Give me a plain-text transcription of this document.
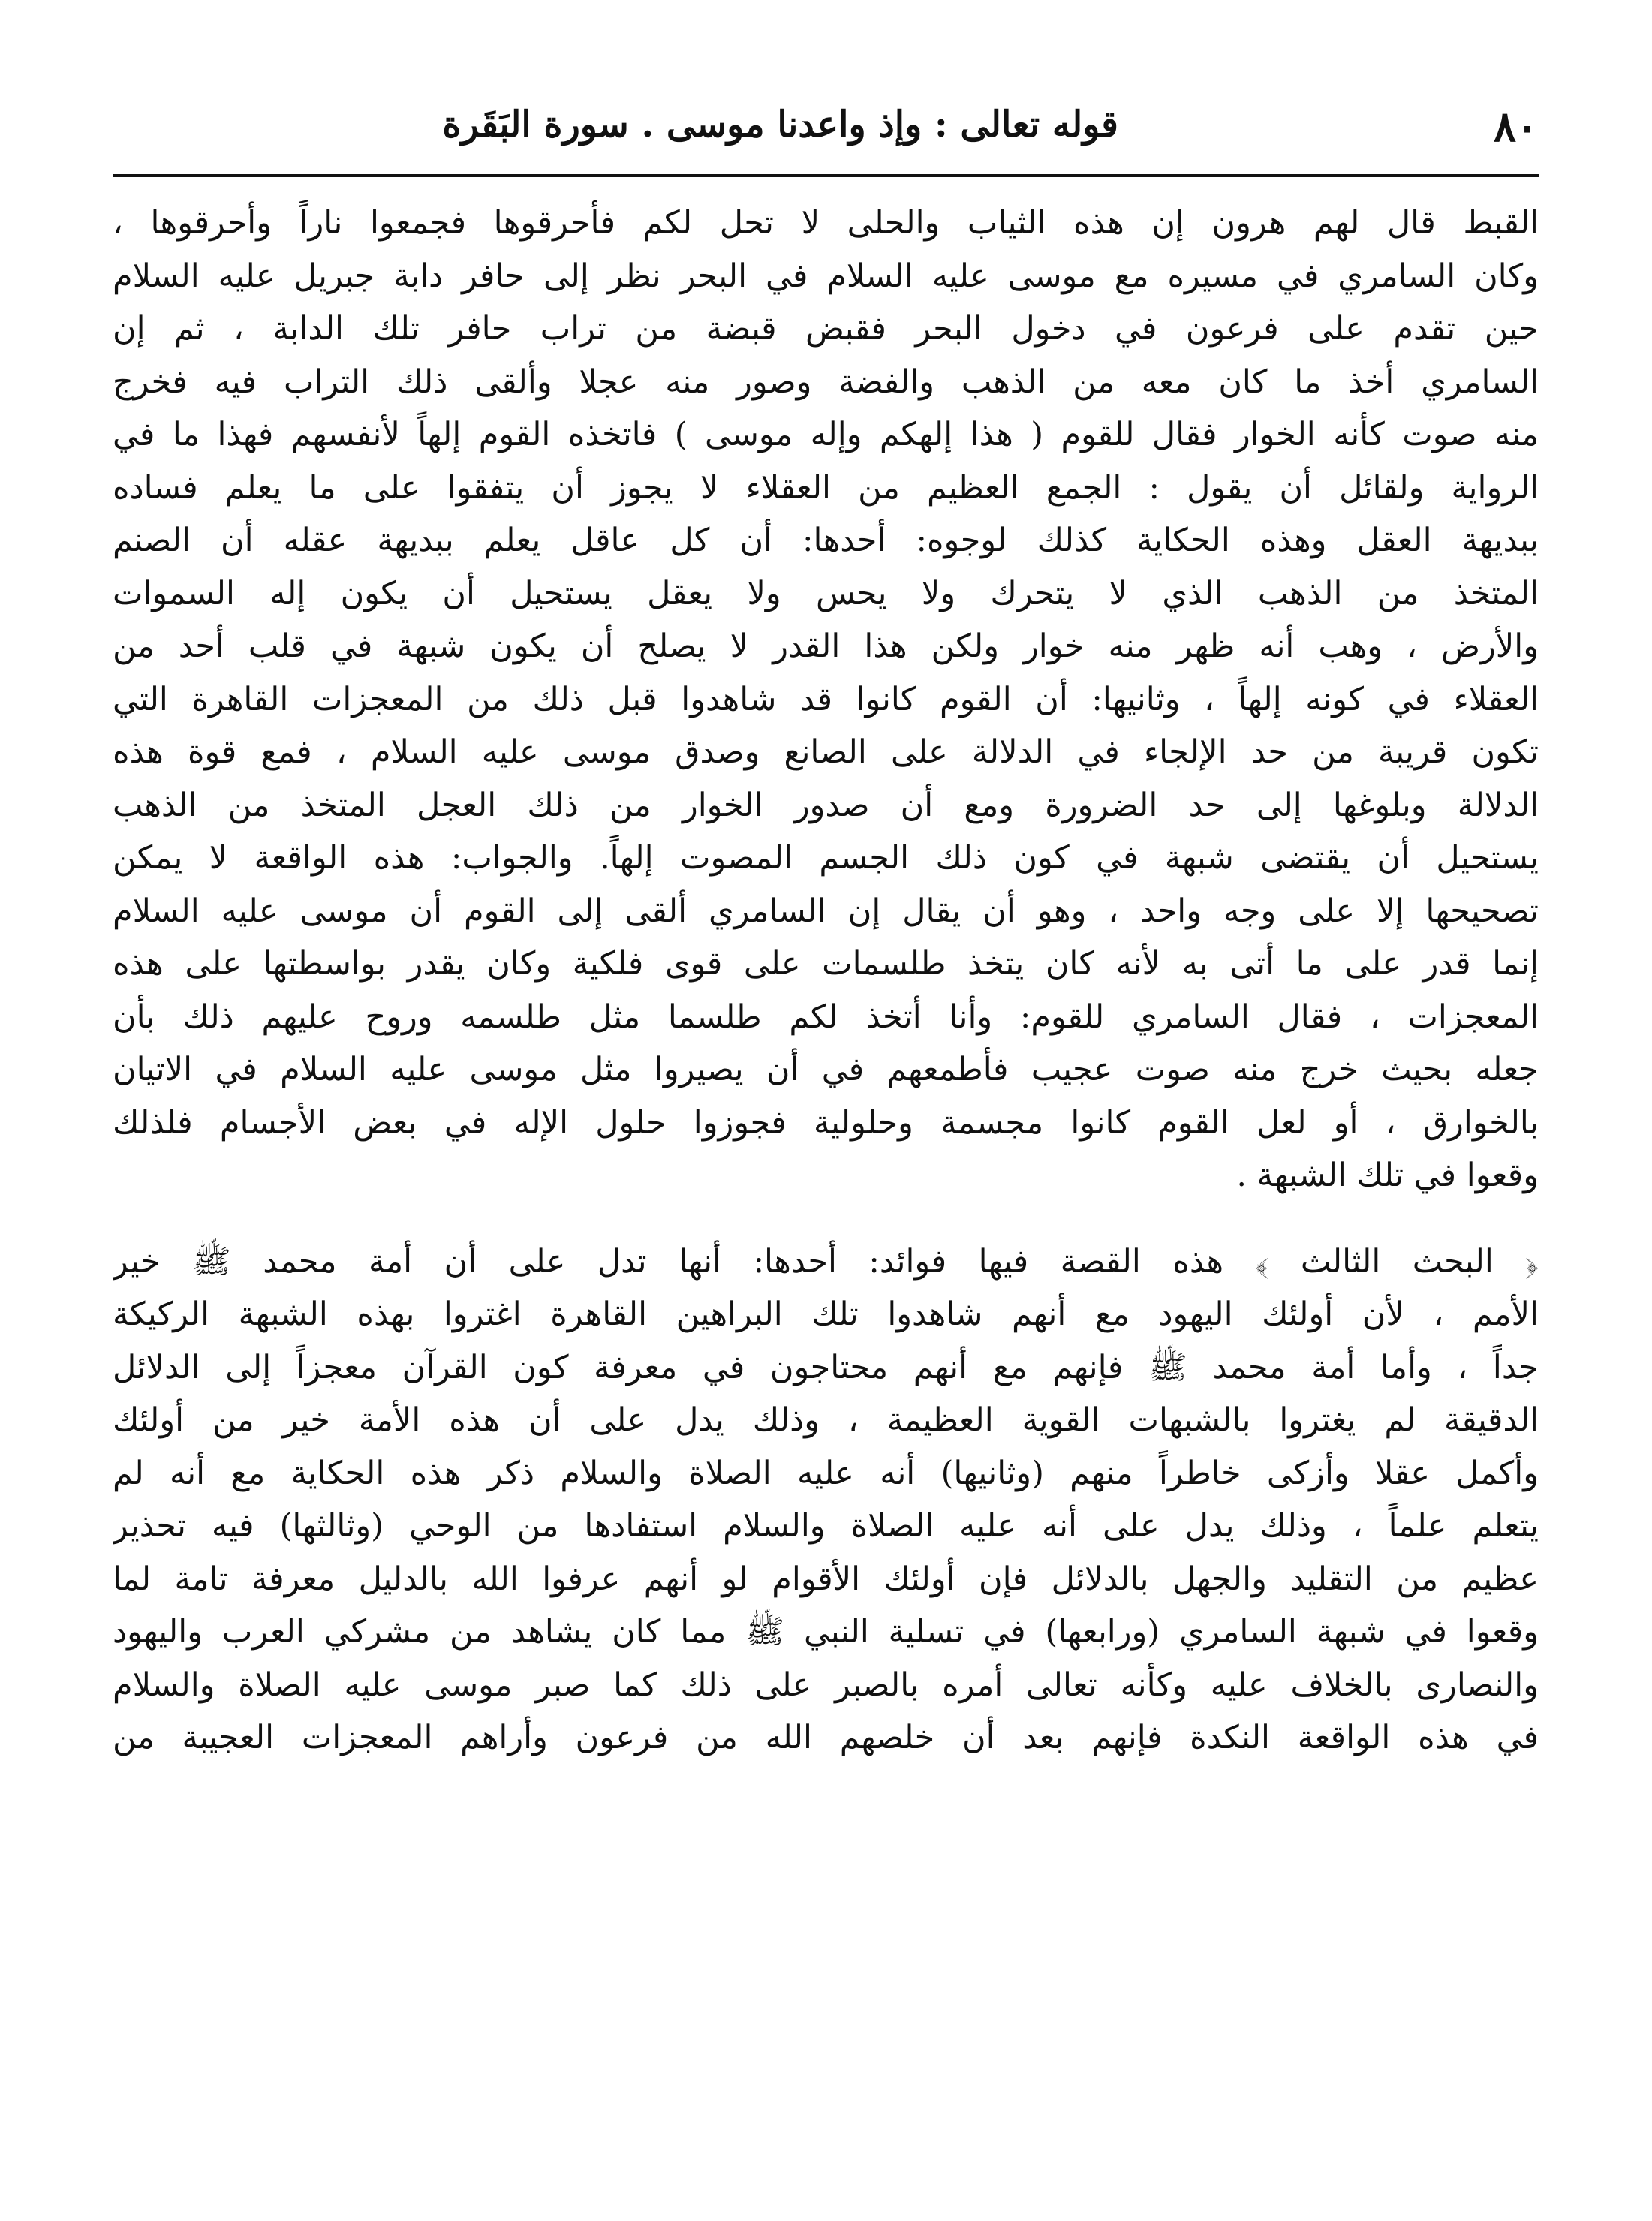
٨٠
قوله تعالى : وإذ واعدنا موسى . سورة البَقَرة
القبط قال لهم هرون إن هذه الثياب والحلى لا تحل لكم فأحرقوها فجمعوا ناراً وأحرقوها ،
وكان السامري في مسيره مع موسى عليه السلام في البحر نظر إلى حافر دابة جبريل عليه السلام
حين تقدم على فرعون في دخول البحر فقبض قبضة من تراب حافر تلك الدابة ، ثم إن
السامري أخذ ما كان معه من الذهب والفضة وصور منه عجلا وألقى ذلك التراب فيه فخرج
منه صوت كأنه الخوار فقال للقوم ( هذا إلهكم وإله موسى ) فاتخذه القوم إلهاً لأنفسهم فهذا ما في
الرواية ولقائل أن يقول : الجمع العظيم من العقلاء لا يجوز أن يتفقوا على ما يعلم فساده
ببديهة العقل وهذه الحكاية كذلك لوجوه: أحدها: أن كل عاقل يعلم ببديهة عقله أن الصنم
المتخذ من الذهب الذي لا يتحرك ولا يحس ولا يعقل يستحيل أن يكون إله السموات
والأرض ، وهب أنه ظهر منه خوار ولكن هذا القدر لا يصلح أن يكون شبهة في قلب أحد من
العقلاء في كونه إلهاً ، وثانيها: أن القوم كانوا قد شاهدوا قبل ذلك من المعجزات القاهرة التي
تكون قريبة من حد الإلجاء في الدلالة على الصانع وصدق موسى عليه السلام ، فمع قوة هذه
الدلالة وبلوغها إلى حد الضرورة ومع أن صدور الخوار من ذلك العجل المتخذ من الذهب
يستحيل أن يقتضى شبهة في كون ذلك الجسم المصوت إلهاً. والجواب: هذه الواقعة لا يمكن
تصحيحها إلا على وجه واحد ، وهو أن يقال إن السامري ألقى إلى القوم أن موسى عليه السلام
إنما قدر على ما أتى به لأنه كان يتخذ طلسمات على قوى فلكية وكان يقدر بواسطتها على هذه
المعجزات ، فقال السامري للقوم: وأنا أتخذ لكم طلسما مثل طلسمه وروح عليهم ذلك بأن
جعله بحيث خرج منه صوت عجيب فأطمعهم في أن يصيروا مثل موسى عليه السلام في الاتيان
بالخوارق ، أو لعل القوم كانوا مجسمة وحلولية فجوزوا حلول الإله في بعض الأجسام فلذلك
وقعوا في تلك الشبهة .
﴿ البحث الثالث ﴾ هذه القصة فيها فوائد: أحدها: أنها تدل على أن أمة محمد ﷺ خير
الأمم ، لأن أولئك اليهود مع أنهم شاهدوا تلك البراهين القاهرة اغتروا بهذه الشبهة الركيكة
جداً ، وأما أمة محمد ﷺ فإنهم مع أنهم محتاجون في معرفة كون القرآن معجزاً إلى الدلائل
الدقيقة لم يغتروا بالشبهات القوية العظيمة ، وذلك يدل على أن هذه الأمة خير من أولئك
وأكمل عقلا وأزكى خاطراً منهم (وثانيها) أنه عليه الصلاة والسلام ذكر هذه الحكاية مع أنه لم
يتعلم علماً ، وذلك يدل على أنه عليه الصلاة والسلام استفادها من الوحي (وثالثها) فيه تحذير
عظيم من التقليد والجهل بالدلائل فإن أولئك الأقوام لو أنهم عرفوا الله بالدليل معرفة تامة لما
وقعوا في شبهة السامري (ورابعها) في تسلية النبي ﷺ مما كان يشاهد من مشركي العرب واليهود
والنصارى بالخلاف عليه وكأنه تعالى أمره بالصبر على ذلك كما صبر موسى عليه الصلاة والسلام
في هذه الواقعة النكدة فإنهم بعد أن خلصهم الله من فرعون وأراهم المعجزات العجيبة من
